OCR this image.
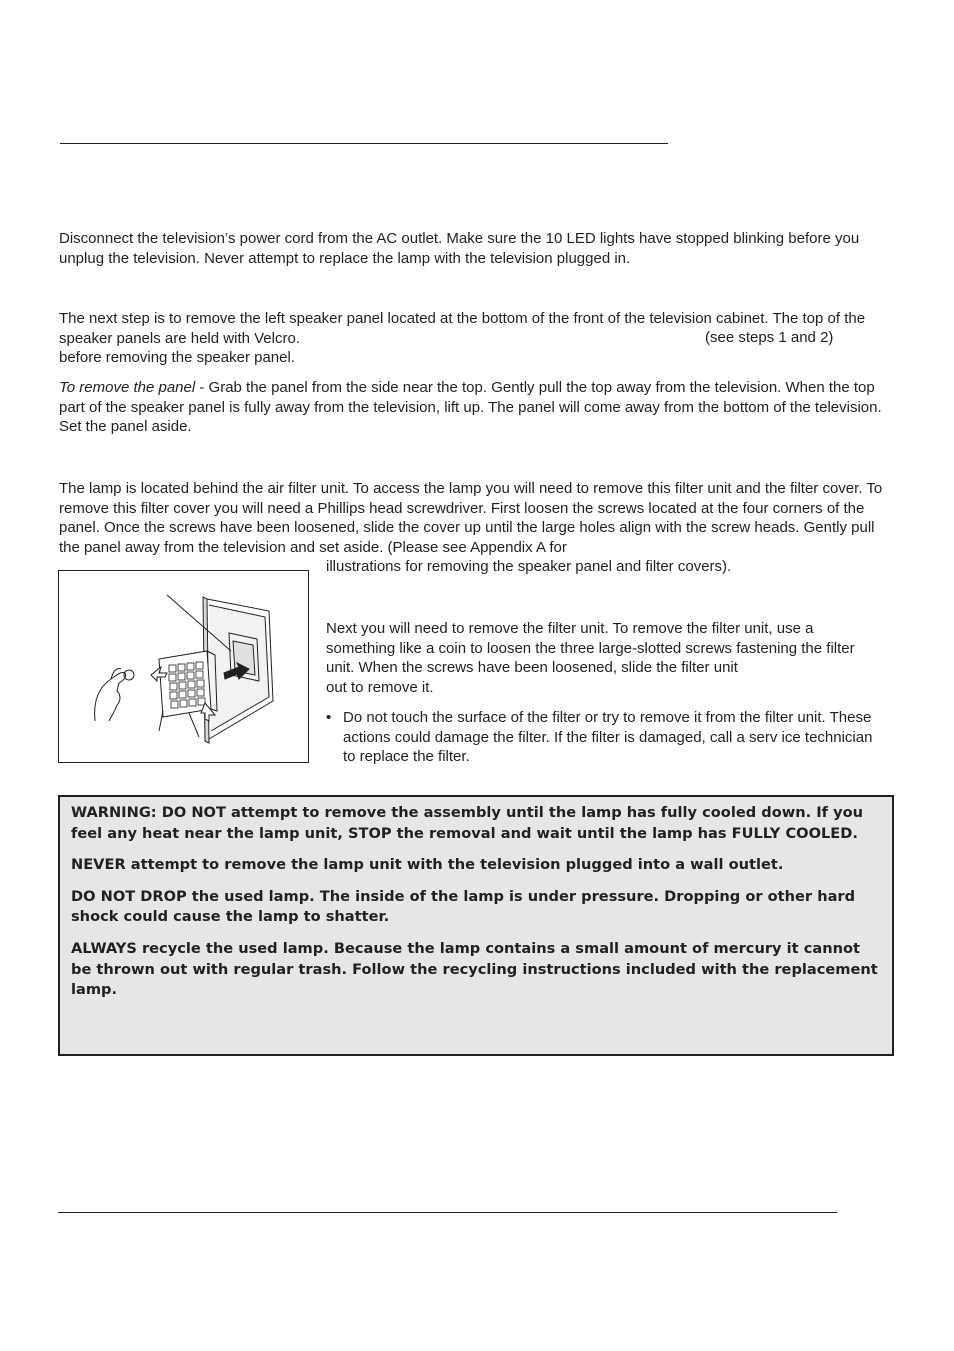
Disconnect the television’s power cord from the AC outlet. Make sure the 10 LED lights have stopped blinking before you unplug the television. Never attempt to replace the lamp with the television plugged in.

The next step is to remove the left speaker panel located at the bottom of the front of the television cabinet. The top of the speaker panels are held with Velcro.	(see steps 1 and 2)
before removing the speaker panel.

To remove the panel - Grab the panel from the side near the top. Gently pull the top away from the television. When the top part of the speaker panel is fully away from the television, lift up. The panel will come away from the bottom of the television. Set the panel aside.

The lamp is located behind the air filter unit. To access the lamp you will need to remove this filter unit and the filter cover. To remove this filter cover you will need a Phillips head screwdriver. First loosen the screws located at the four corners of the panel. Once the screws have been loosened, slide the cover up until the large holes align with the screw heads. Gently pull the panel away from the television and set aside. (Please see Appendix A for

illustrations for removing the speaker panel and filter covers).

Next you will need to remove the filter unit. To remove the filter unit, use a something like a coin to loosen the three large-slotted screws fastening the filter unit. When the screws have been loosened, slide the filter unit
out to remove it.

• Do not touch the surface of the filter or try to remove it from the filter unit. These actions could damage the filter. If the filter is damaged, call a serv ice technician to replace the filter.

WARNING: DO NOT attempt to remove the assembly until the lamp has fully cooled down. If you feel any heat near the lamp unit, STOP the removal and wait until the lamp has FULLY COOLED.

NEVER attempt to remove the lamp unit with the television plugged into a wall outlet.

DO NOT DROP the used lamp. The inside of the lamp is under pressure. Dropping or other hard shock could cause the lamp to shatter.

ALWAYS recycle the used lamp. Because the lamp contains a small amount of mercury it cannot be thrown out with regular trash. Follow the recycling instructions included with the replacement lamp.
